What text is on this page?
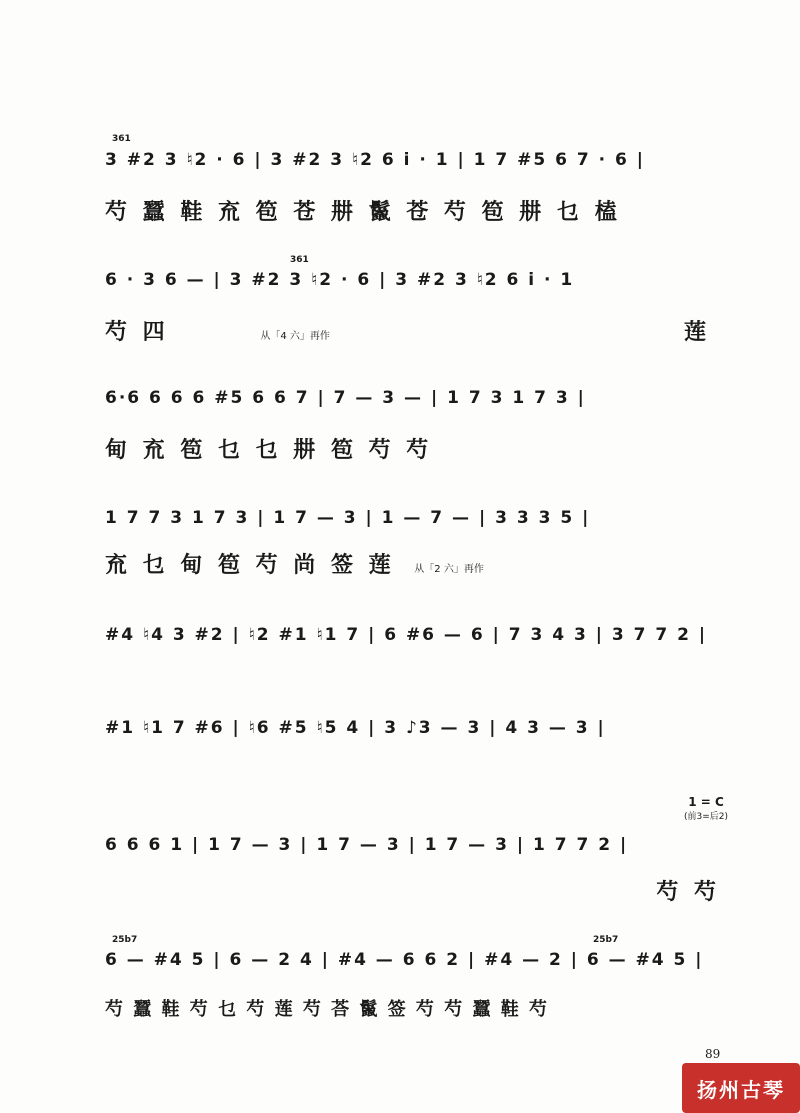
361
3 #2 3 ♮2 · 6 | 3 #2 3 ♮2 6 i · 1 | 1 7 #5 6 7 · 6 |
芍 蠶 鞋 㐬 笣 苍 㐩 鬣 苍 芍 笣 㐩 乜 榼
361
6 · 3 6 — | 3 #2 3 ♮2 · 6 | 3 #2 3 ♮2 6 i · 1
芍 四	从「4 六」再作	莲
6·6 6 6 6 #5 6 6 7 | 7 — 3 — | 1 7 3 1 7 3 |
甸 㐬 笣 乜 乜 㐩 笣 芍 芍
1 7 7 3 1 7 3 | 1 7 — 3 | 1 — 7 — | 3 3 3 5 |
㐬 乜 甸 笣 芍 尚 签 莲 从「2 六」再作
#4 ♮4 3 #2 | ♮2 #1 ♮1 7 | 6 #6 — 6 | 7 3 4 3 | 3 7 7 2 |
#1 ♮1 7 #6 | ♮6 #5 ♮5 4 | 3 ♪3 — 3 | 4 3 — 3 |
1 = C
(前3=后2)
6 6 6 1 | 1 7 — 3 | 1 7 — 3 | 1 7 — 3 | 1 7 7 2 |
芍 芍
25b7	25b7
6 — #4 5 | 6 — 2 4 | #4 — 6 6 2 | #4 — 2 | 6 — #4 5 |
芍 蠶 鞋 芍 乜 芍 莲 芍 荅 鬣 签 芍 芍 蠶 鞋 芍
89
扬州古琴
